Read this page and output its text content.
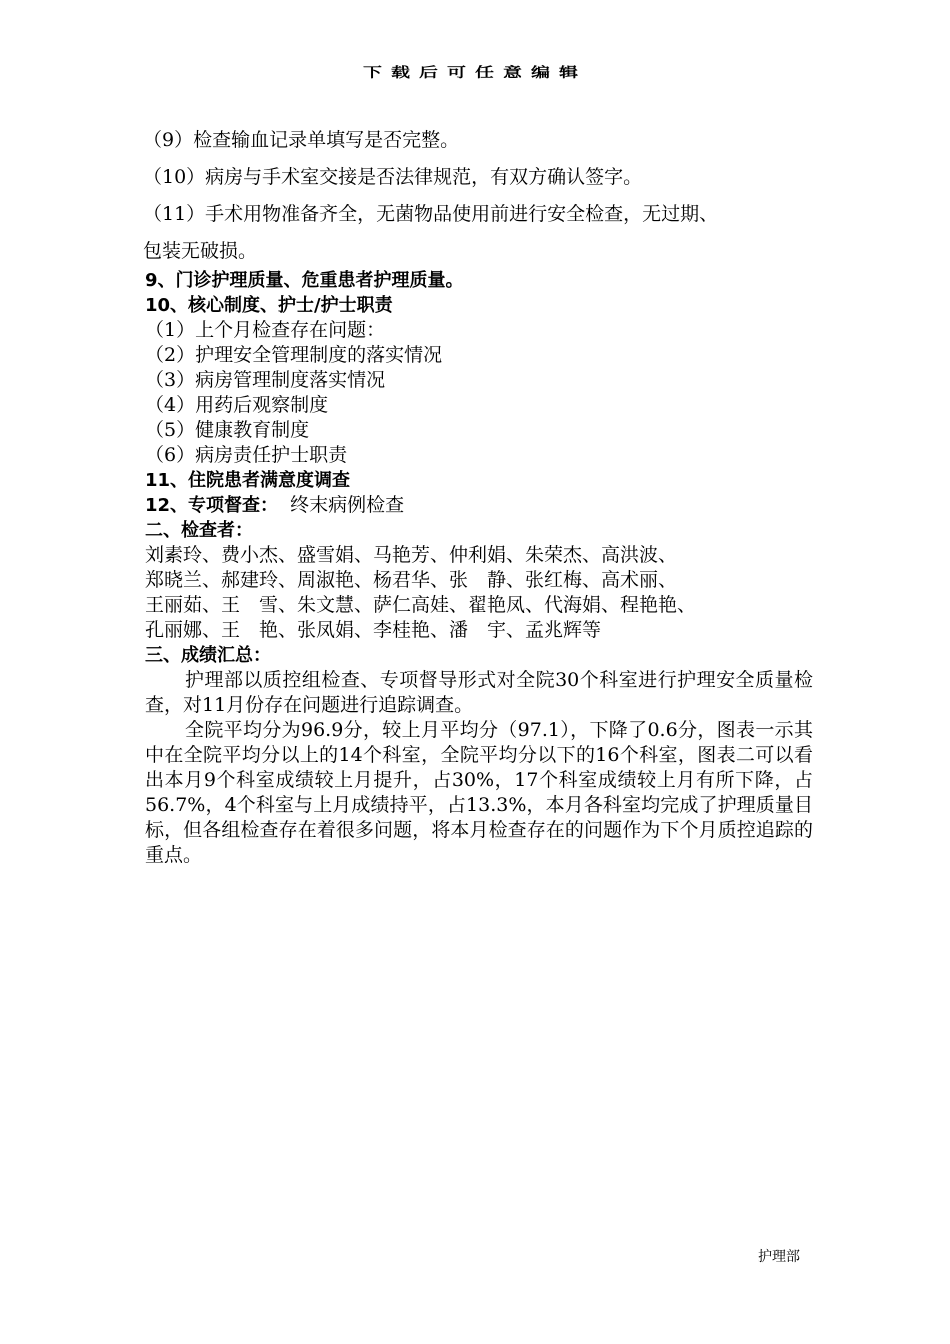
下载后可任意编辑

（9）检查输血记录单填写是否完整。

（10）病房与手术室交接是否法律规范，有双方确认签字。

（11）手术用物准备齐全，无菌物品使用前进行安全检查，无过期、

包装无破损。

9、门诊护理质量、危重患者护理质量。
10、核心制度、护士/护士职责
（1）上个月检查存在问题：
（2）护理安全管理制度的落实情况
（3）病房管理制度落实情况
（4）用药后观察制度
（5）健康教育制度
（6）病房责任护士职责
11、住院患者满意度调查
12、专项督查：  终末病例检查
二、检查者：
刘素玲、费小杰、盛雪娟、马艳芳、仲利娟、朱荣杰、高洪波、
郑晓兰、郝建玲、周淑艳、杨君华、张　静、张红梅、高术丽、
王丽茹、王　雪、朱文慧、萨仁高娃、翟艳凤、代海娟、程艳艳、
孔丽娜、王　艳、张凤娟、李桂艳、潘　宇、孟兆辉等
三、成绩汇总：

护理部以质控组检查、专项督导形式对全院30个科室进行护理安全质量检查，对11月份存在问题进行追踪调查。

全院平均分为96.9分，较上月平均分（97.1），下降了0.6分，图表一示其中在全院平均分以上的14个科室，全院平均分以下的16个科室，图表二可以看出本月9个科室成绩较上月提升，占30%，17个科室成绩较上月有所下降，占56.7%，4个科室与上月成绩持平，占13.3%，本月各科室均完成了护理质量目标，但各组检查存在着很多问题，将本月检查存在的问题作为下个月质控追踪的重点。

护理部
